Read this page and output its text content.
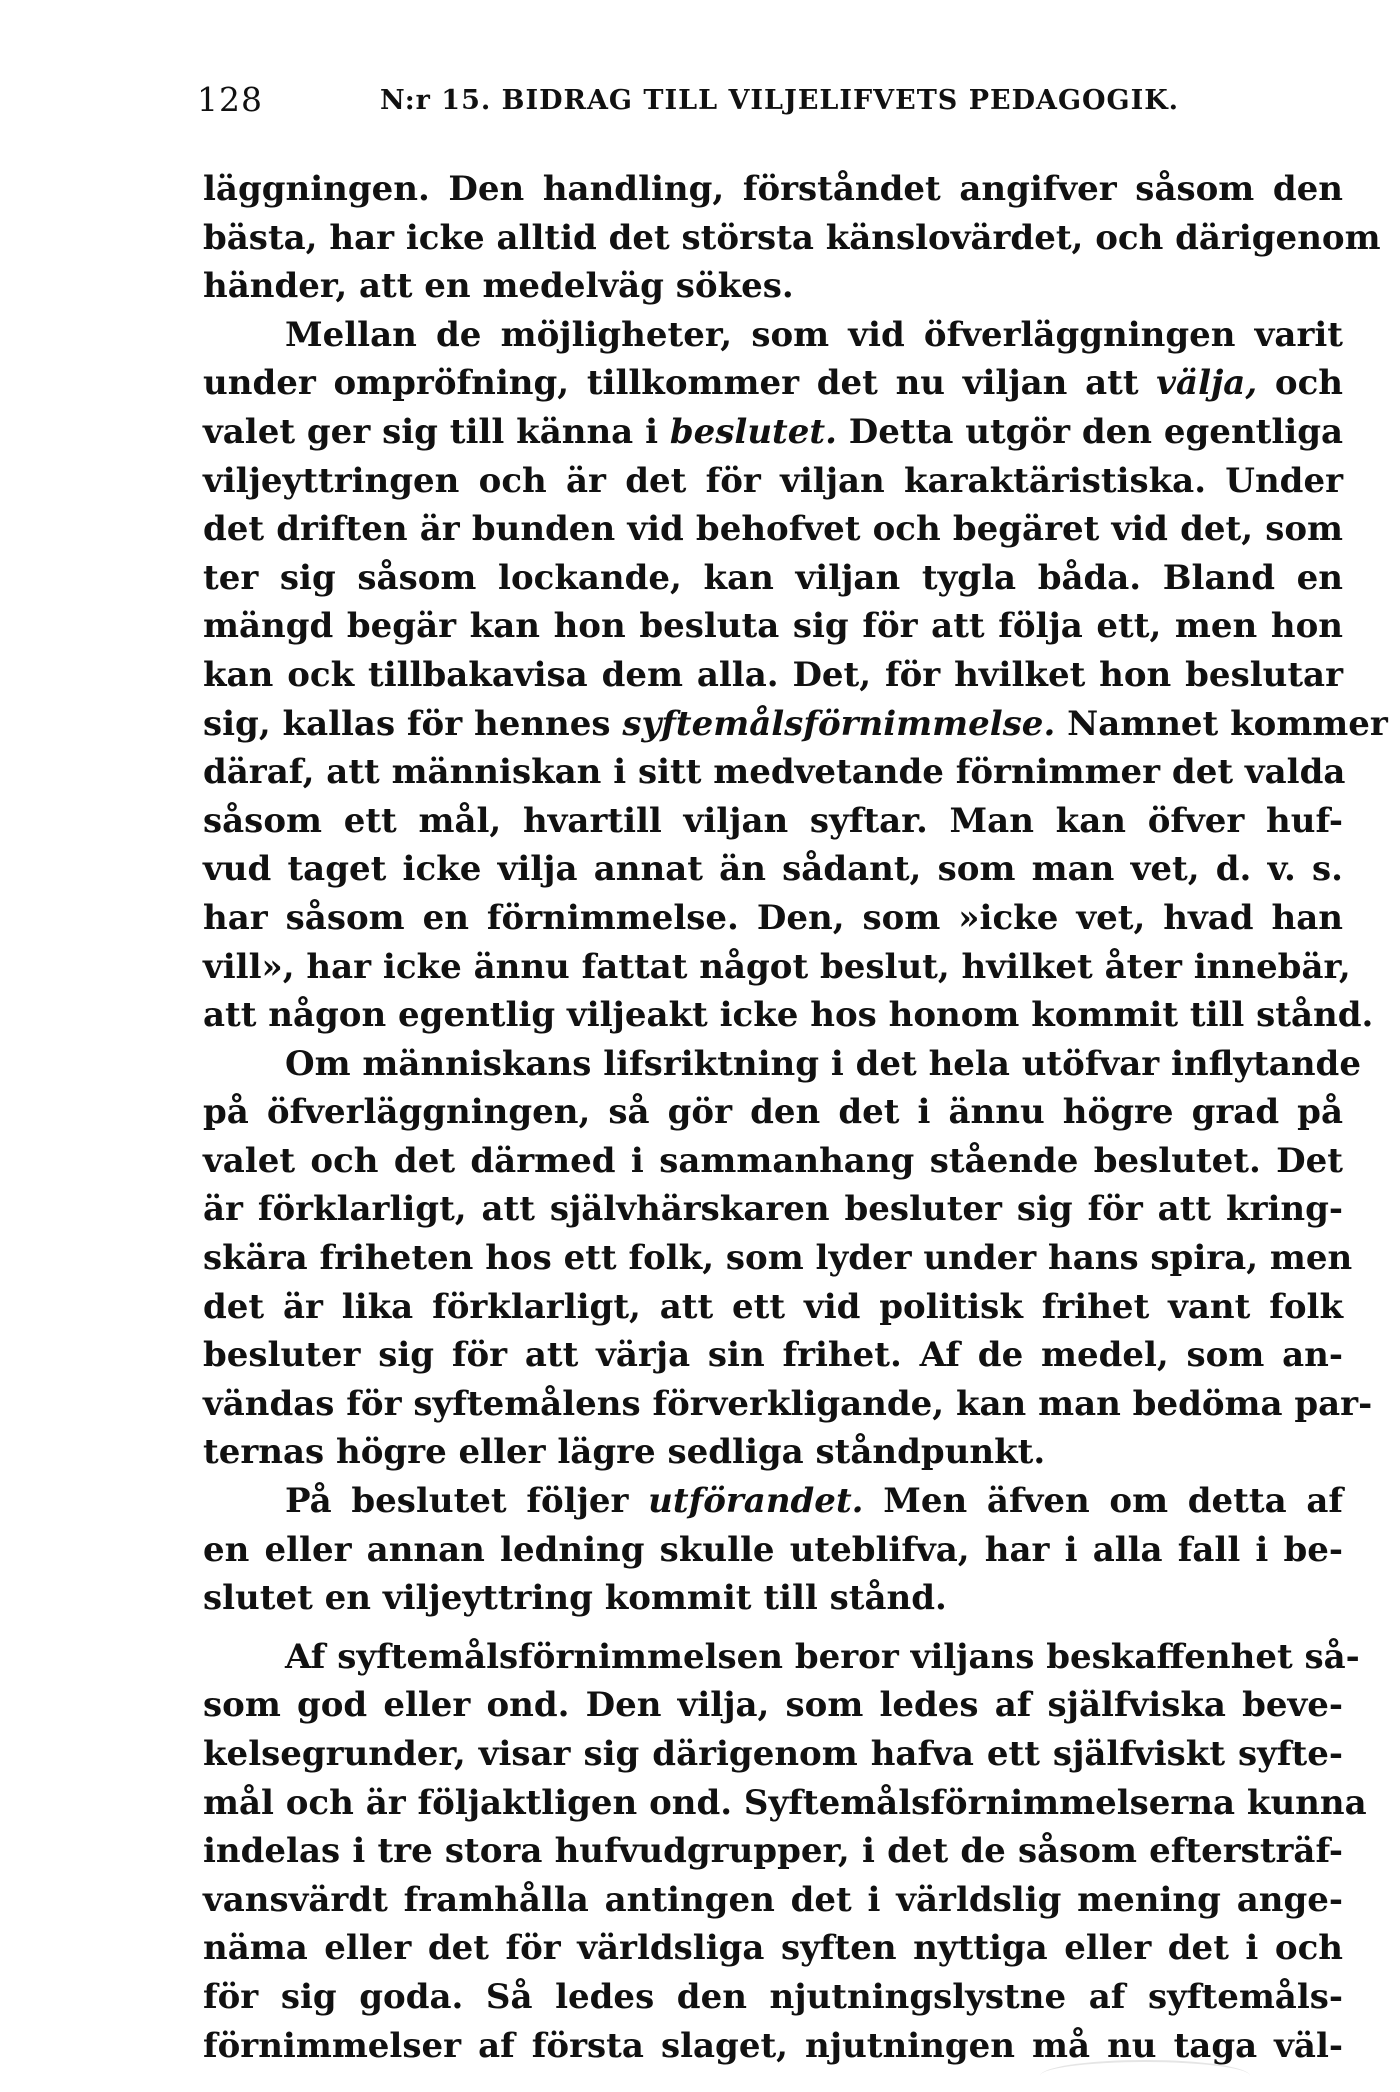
128	N:r 15. BIDRAG TILL VILJELIFVETS PEDAGOGIK.
läggningen. Den handling, förståndet angifver såsom den
bästa, har icke alltid det största känslovärdet, och därigenom
händer, att en medelväg sökes.
Mellan de möjligheter, som vid öfverläggningen varit
under ompröfning, tillkommer det nu viljan att välja, och
valet ger sig till känna i beslutet. Detta utgör den egentliga
viljeyttringen och är det för viljan karaktäristiska. Under
det driften är bunden vid behofvet och begäret vid det, som
ter sig såsom lockande, kan viljan tygla båda. Bland en
mängd begär kan hon besluta sig för att följa ett, men hon
kan ock tillbakavisa dem alla. Det, för hvilket hon beslutar
sig, kallas för hennes syftemålsförnimmelse. Namnet kommer
däraf, att människan i sitt medvetande förnimmer det valda
såsom ett mål, hvartill viljan syftar. Man kan öfver huf-
vud taget icke vilja annat än sådant, som man vet, d. v. s.
har såsom en förnimmelse. Den, som »icke vet, hvad han
vill», har icke ännu fattat något beslut, hvilket åter innebär,
att någon egentlig viljeakt icke hos honom kommit till stånd.
Om människans lifsriktning i det hela utöfvar inflytande
på öfverläggningen, så gör den det i ännu högre grad på
valet och det därmed i sammanhang stående beslutet. Det
är förklarligt, att självhärskaren besluter sig för att kring-
skära friheten hos ett folk, som lyder under hans spira, men
det är lika förklarligt, att ett vid politisk frihet vant folk
besluter sig för att värja sin frihet. Af de medel, som an-
vändas för syftemålens förverkligande, kan man bedöma par-
ternas högre eller lägre sedliga ståndpunkt.
På beslutet följer utförandet. Men äfven om detta af
en eller annan ledning skulle uteblifva, har i alla fall i be-
slutet en viljeyttring kommit till stånd.
Af syftemålsförnimmelsen beror viljans beskaffenhet så-
som god eller ond. Den vilja, som ledes af själfviska beve-
kelsegrunder, visar sig därigenom hafva ett själfviskt syfte-
mål och är följaktligen ond. Syftemålsförnimmelserna kunna
indelas i tre stora hufvudgrupper, i det de såsom eftersträf-
vansvärdt framhålla antingen det i världslig mening ange-
näma eller det för världsliga syften nyttiga eller det i och
för sig goda. Så ledes den njutningslystne af syftemåls-
förnimmelser af första slaget, njutningen må nu taga väl-
